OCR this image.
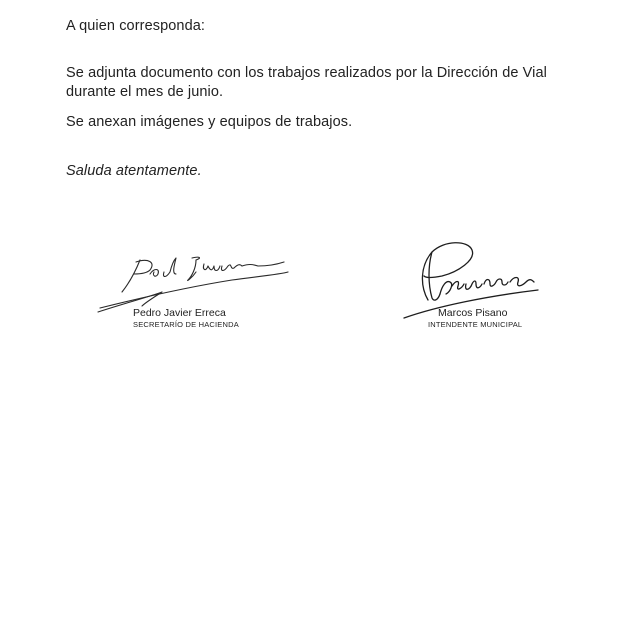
A quien corresponda:
Se adjunta documento con los trabajos realizados por la Dirección de Vial
durante el mes de junio.
Se anexan imágenes y equipos de trabajos.
Saluda atentamente.
Pedro Javier Erreca
SECRETARÍO DE HACIENDA
Marcos Pisano
INTENDENTE MUNICIPAL
